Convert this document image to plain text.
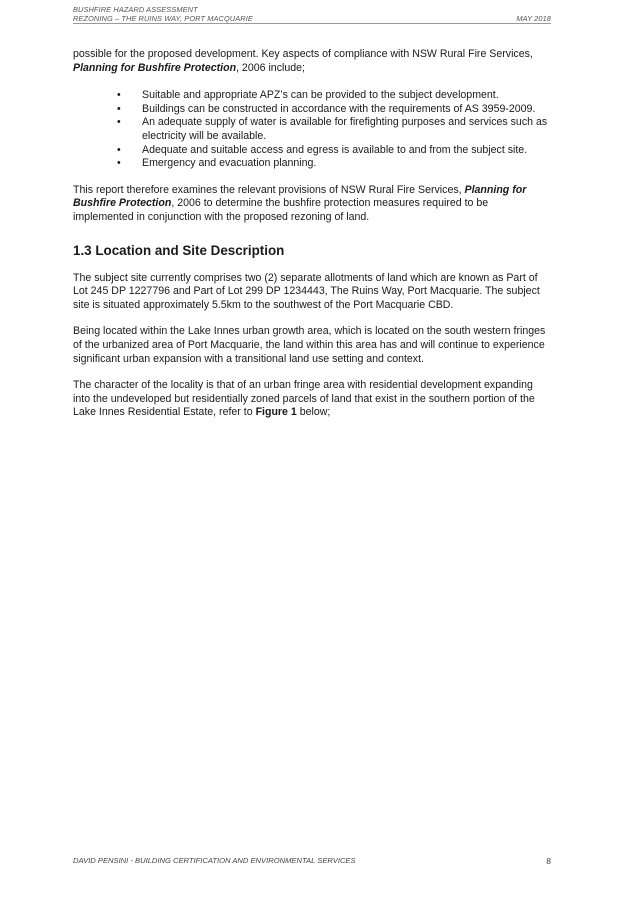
BUSHFIRE HAZARD ASSESSMENT
REZONING – THE RUINS WAY, PORT MACQUARIE	MAY 2018

possible for the proposed development. Key aspects of compliance with NSW Rural Fire Services, Planning for Bushfire Protection, 2006 include;

• Suitable and appropriate APZ’s can be provided to the subject development.
• Buildings can be constructed in accordance with the requirements of AS 3959-2009.
• An adequate supply of water is available for firefighting purposes and services such as electricity will be available.
• Adequate and suitable access and egress is available to and from the subject site.
• Emergency and evacuation planning.

This report therefore examines the relevant provisions of NSW Rural Fire Services, Planning for Bushfire Protection, 2006 to determine the bushfire protection measures required to be implemented in conjunction with the proposed rezoning of land.

1.3 Location and Site Description

The subject site currently comprises two (2) separate allotments of land which are known as Part of Lot 245 DP 1227796 and Part of Lot 299 DP 1234443, The Ruins Way, Port Macquarie. The subject site is situated approximately 5.5km to the southwest of the Port Macquarie CBD.

Being located within the Lake Innes urban growth area, which is located on the south western fringes of the urbanized area of Port Macquarie, the land within this area has and will continue to experience significant urban expansion with a transitional land use setting and context.

The character of the locality is that of an urban fringe area with residential development expanding into the undeveloped but residentially zoned parcels of land that exist in the southern portion of the Lake Innes Residential Estate, refer to Figure 1 below;

DAVID PENSINI - BUILDING CERTIFICATION AND ENVIRONMENTAL SERVICES	8
